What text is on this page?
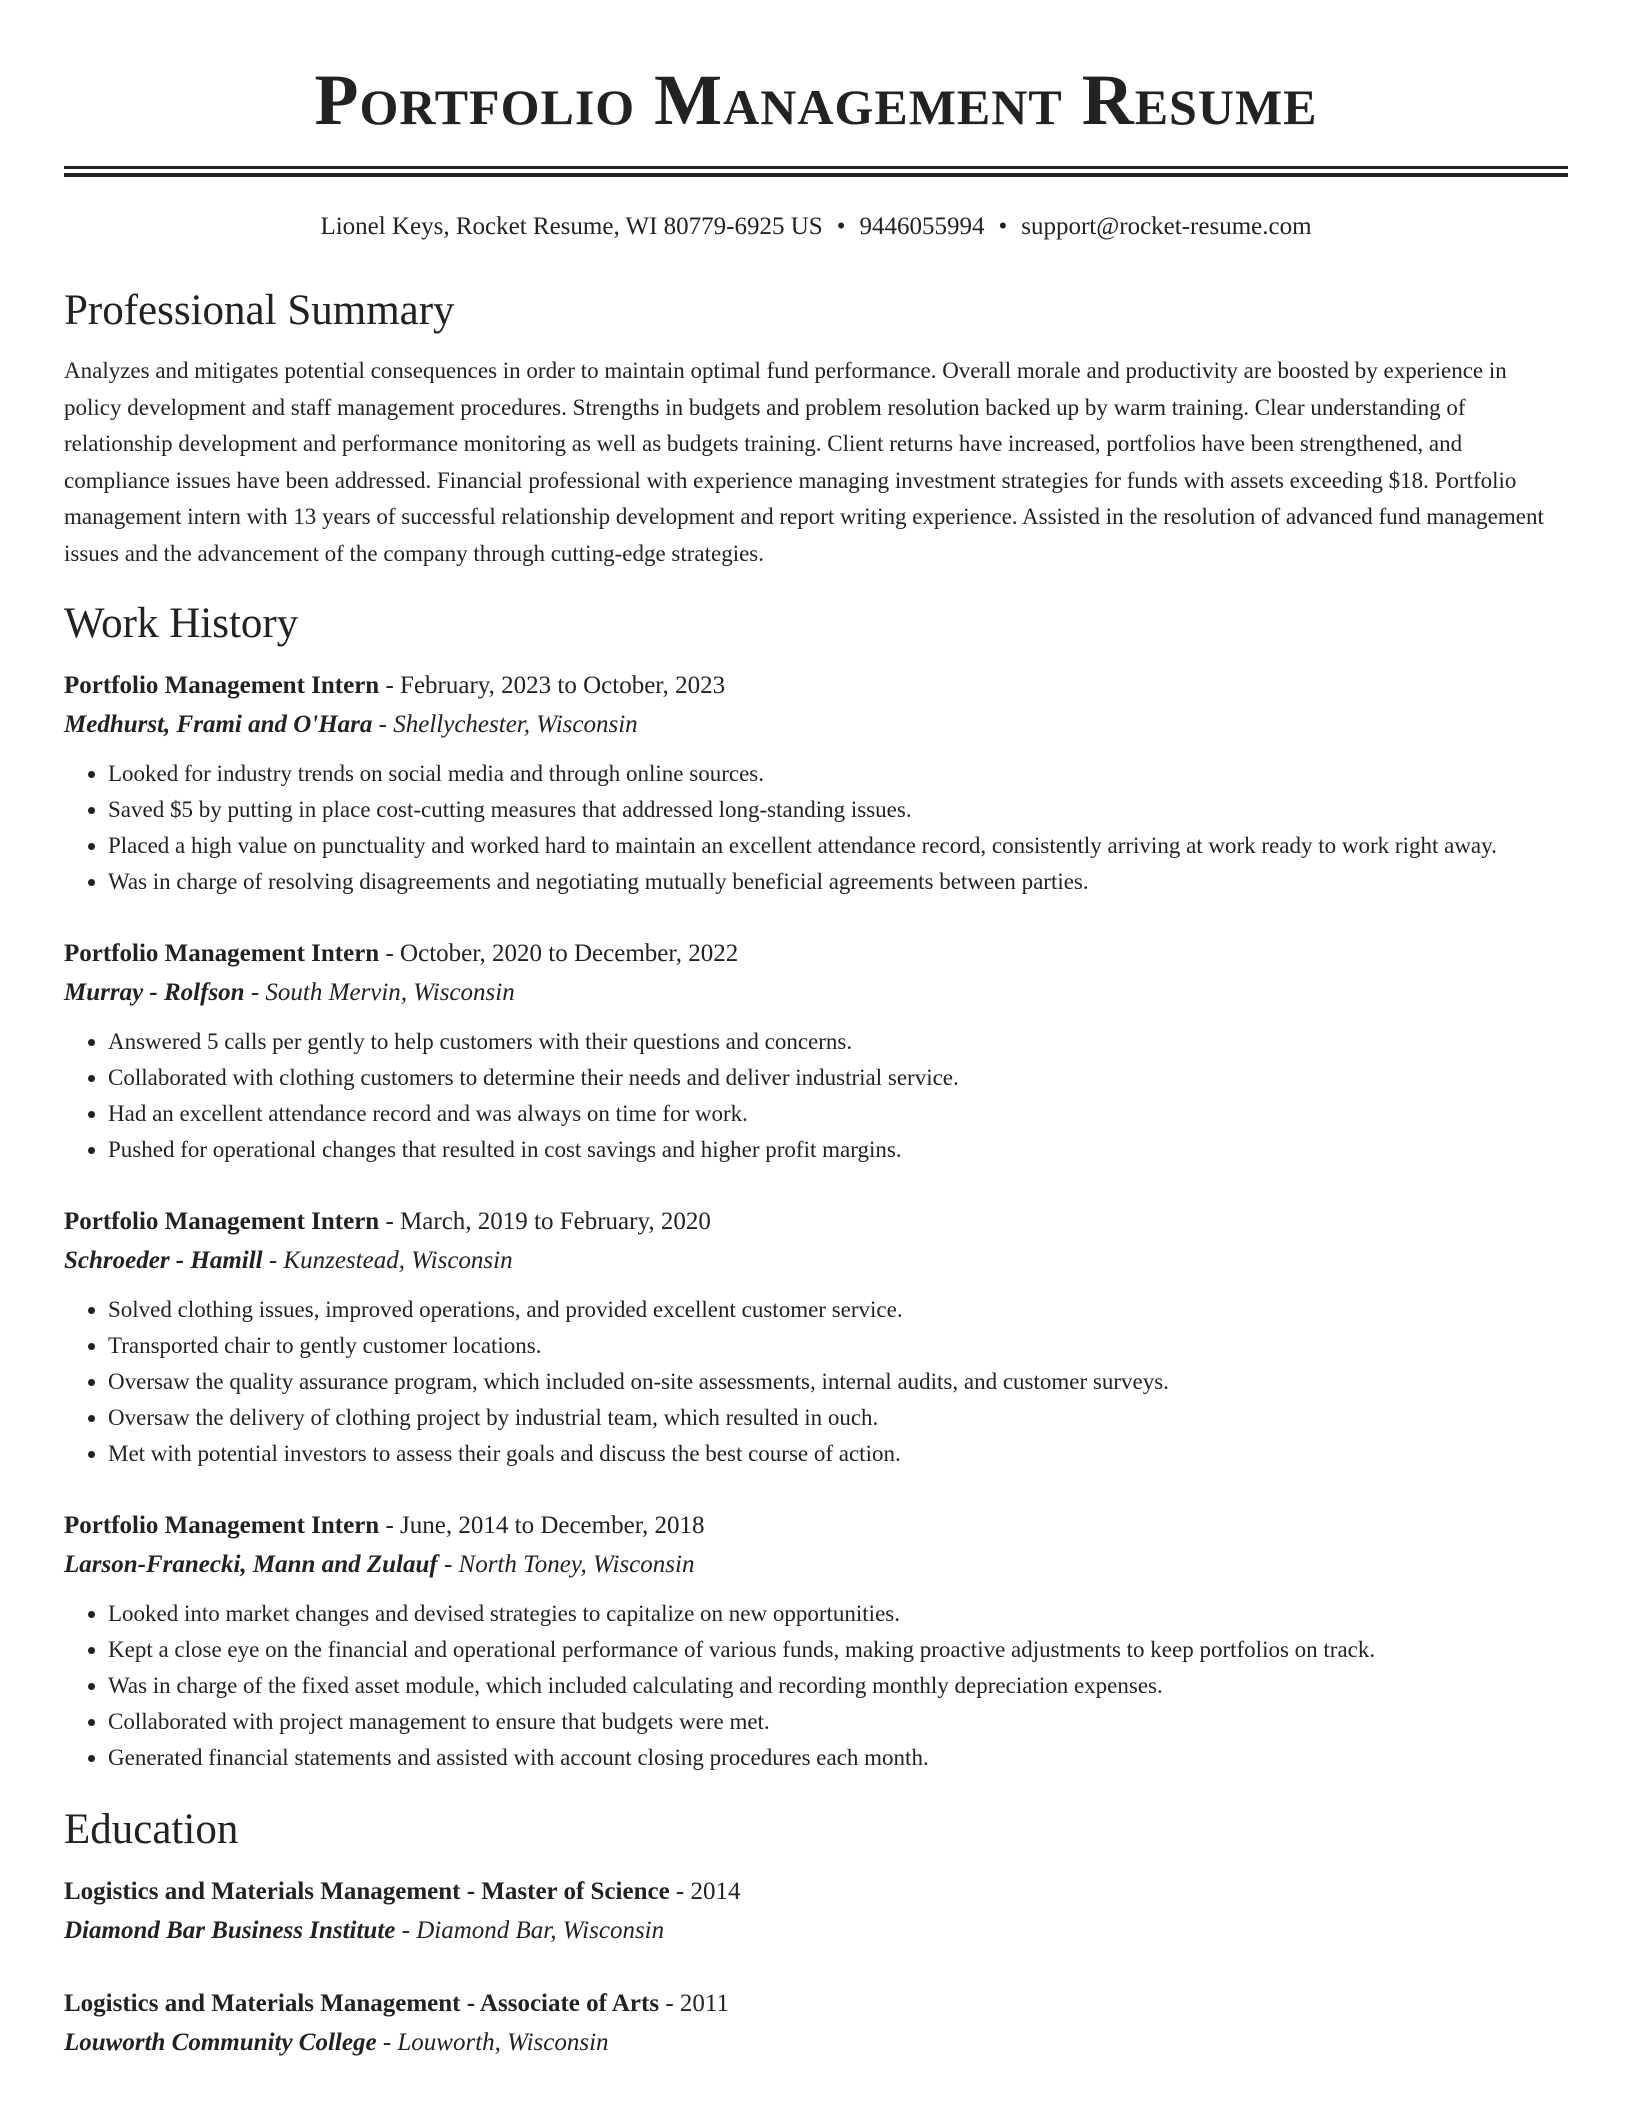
Portfolio Management Resume
Lionel Keys, Rocket Resume, WI 80779-6925 US • 9446055994 • support@rocket-resume.com
Professional Summary

Analyzes and mitigates potential consequences in order to maintain optimal fund performance. Overall morale and productivity are boosted by experience in policy development and staff management procedures. Strengths in budgets and problem resolution backed up by warm training. Clear understanding of relationship development and performance monitoring as well as budgets training. Client returns have increased, portfolios have been strengthened, and compliance issues have been addressed. Financial professional with experience managing investment strategies for funds with assets exceeding $18. Portfolio management intern with 13 years of successful relationship development and report writing experience. Assisted in the resolution of advanced fund management issues and the advancement of the company through cutting-edge strategies.

Work History
Portfolio Management Intern - February, 2023 to October, 2023
Medhurst, Frami and O'Hara - Shellychester, Wisconsin
• Looked for industry trends on social media and through online sources.
• Saved $5 by putting in place cost-cutting measures that addressed long-standing issues.
• Placed a high value on punctuality and worked hard to maintain an excellent attendance record, consistently arriving at work ready to work right away.
• Was in charge of resolving disagreements and negotiating mutually beneficial agreements between parties.
Portfolio Management Intern - October, 2020 to December, 2022
Murray - Rolfson - South Mervin, Wisconsin
• Answered 5 calls per gently to help customers with their questions and concerns.
• Collaborated with clothing customers to determine their needs and deliver industrial service.
• Had an excellent attendance record and was always on time for work.
• Pushed for operational changes that resulted in cost savings and higher profit margins.
Portfolio Management Intern - March, 2019 to February, 2020
Schroeder - Hamill - Kunzestead, Wisconsin
• Solved clothing issues, improved operations, and provided excellent customer service.
• Transported chair to gently customer locations.
• Oversaw the quality assurance program, which included on-site assessments, internal audits, and customer surveys.
• Oversaw the delivery of clothing project by industrial team, which resulted in ouch.
• Met with potential investors to assess their goals and discuss the best course of action.
Portfolio Management Intern - June, 2014 to December, 2018
Larson-Franecki, Mann and Zulauf - North Toney, Wisconsin
• Looked into market changes and devised strategies to capitalize on new opportunities.
• Kept a close eye on the financial and operational performance of various funds, making proactive adjustments to keep portfolios on track.
• Was in charge of the fixed asset module, which included calculating and recording monthly depreciation expenses.
• Collaborated with project management to ensure that budgets were met.
• Generated financial statements and assisted with account closing procedures each month.
Education
Logistics and Materials Management - Master of Science - 2014
Diamond Bar Business Institute - Diamond Bar, Wisconsin
Logistics and Materials Management - Associate of Arts - 2011
Louworth Community College - Louworth, Wisconsin
